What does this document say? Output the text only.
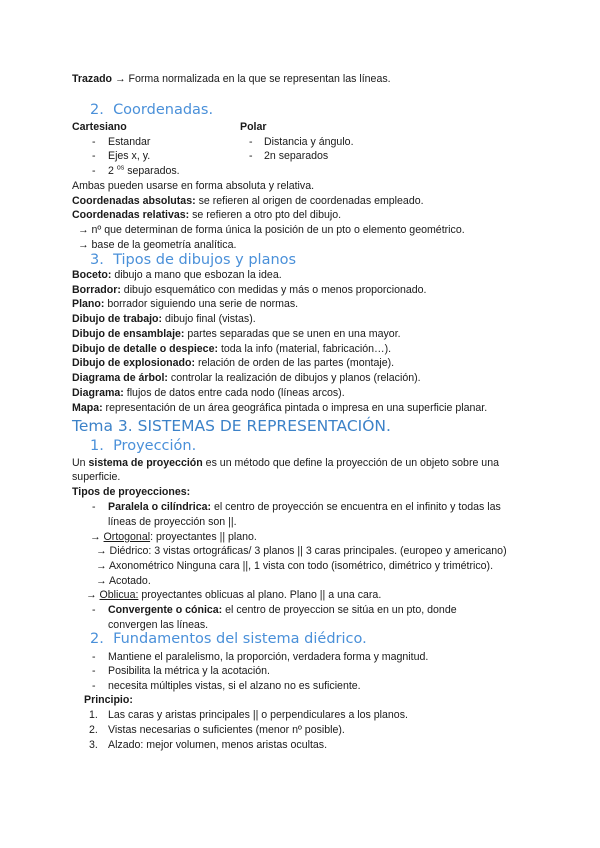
Trazado → Forma normalizada en la que se representan las líneas.
2. Coordenadas.
Cartesiano	Polar
- Estandar
- Ejes x, y.
- 2 $^{os}$ separados.
- Distancia y ángulo.
- 2n separados
Ambas pueden usarse en forma absoluta y relativa.
Coordenadas absolutas: se refieren al origen de coordenadas empleado.
Coordenadas relativas: se refieren a otro pto del dibujo.
→ nº que determinan de forma única la posición de un pto o elemento geométrico.
→ base de la geometría analítica.
3. Tipos de dibujos y planos
Boceto: dibujo a mano que esbozan la idea.
Borrador: dibujo esquemático con medidas y más o menos proporcionado.
Plano: borrador siguiendo una serie de normas.
Dibujo de trabajo: dibujo final (vistas).
Dibujo de ensamblaje: partes separadas que se unen en una mayor.
Dibujo de detalle o despiece: toda la info (material, fabricación…).
Dibujo de explosionado: relación de orden de las partes (montaje).
Diagrama de árbol: controlar la realización de dibujos y planos (relación).
Diagrama: flujos de datos entre cada nodo (líneas arcos).
Mapa: representación de un área geográfica pintada o impresa en una superficie planar.
Tema 3. SISTEMAS DE REPRESENTACIÓN.
1. Proyección.
Un sistema de proyección es un método que define la proyección de un objeto sobre una
superficie.
Tipos de proyecciones:
- Paralela o cilíndrica: el centro de proyección se encuentra en el infinito y todas las
líneas de proyección son ||.
→ Ortogonal: proyectantes || plano.
→ Diédrico: 3 vistas ortográficas/ 3 planos || 3 caras principales. (europeo y americano)
→ Axonométrico Ninguna cara ||, 1 vista con todo (isométrico, dimétrico y trimétrico).
→ Acotado.
→ Oblicua: proyectantes oblicuas al plano. Plano || a una cara.
- Convergente o cónica: el centro de proyeccion se sitúa en un pto, donde
convergen las líneas.
2. Fundamentos del sistema diédrico.
- Mantiene el paralelismo, la proporción, verdadera forma y magnitud.
- Posibilita la métrica y la acotación.
- necesita múltiples vistas, si el alzano no es suficiente.
Principio:
1. Las caras y aristas principales || o perpendiculares a los planos.
2. Vistas necesarias o suficientes (menor nº posible).
3. Alzado: mejor volumen, menos aristas ocultas.
